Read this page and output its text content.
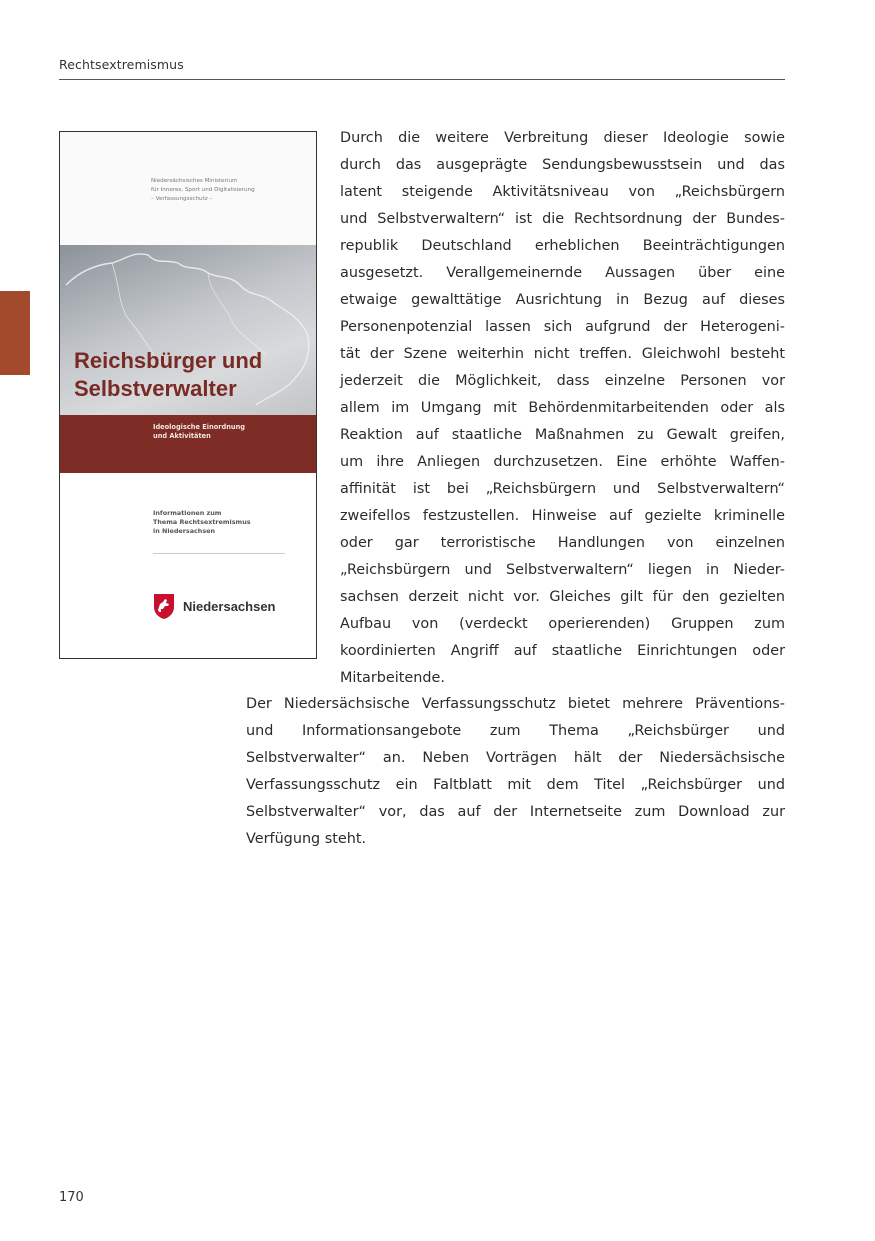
Rechtsextremismus
Niedersächsisches Ministerium
für Inneres, Sport und Digitalisierung
– Verfassungsschutz –
Reichsbürger und
Selbstverwalter
Ideologische Einordnung
und Aktivitäten
Informationen zum
Thema Rechtsextremismus
in Niedersachsen
Niedersachsen
Durch die weitere Verbreitung dieser Ideologie sowie
durch das ausgeprägte Sendungsbewusstsein und das
latent steigende Aktivitätsniveau von „Reichsbürgern
und Selbstverwaltern“ ist die Rechtsordnung der Bundes-
republik Deutschland erheblichen Beeinträchtigungen
ausgesetzt. Verallgemeinernde Aussagen über eine
etwaige gewalttätige Ausrichtung in Bezug auf dieses
Personenpotenzial lassen sich aufgrund der Heterogeni-
tät der Szene weiterhin nicht treffen. Gleichwohl besteht
jederzeit die Möglichkeit, dass einzelne Personen vor
allem im Umgang mit Behördenmitarbeitenden oder als
Reaktion auf staatliche Maßnahmen zu Gewalt greifen,
um ihre Anliegen durchzusetzen. Eine erhöhte Waffen-
affinität ist bei „Reichsbürgern und Selbstverwaltern“
zweifellos festzustellen. Hinweise auf gezielte kriminelle
oder gar terroristische Handlungen von einzelnen
„Reichsbürgern und Selbstverwaltern“ liegen in Nieder-
sachsen derzeit nicht vor. Gleiches gilt für den gezielten
Aufbau von (verdeckt operierenden) Gruppen zum
koordinierten Angriff auf staatliche Einrichtungen oder
Mitarbeitende.
Der Niedersächsische Verfassungsschutz bietet mehrere Präventions-
und Informationsangebote zum Thema „Reichsbürger und
Selbstverwalter“ an. Neben Vorträgen hält der Niedersächsische
Verfassungsschutz ein Faltblatt mit dem Titel „Reichsbürger und
Selbstverwalter“ vor, das auf der Internetseite zum Download zur
Verfügung steht.
170
